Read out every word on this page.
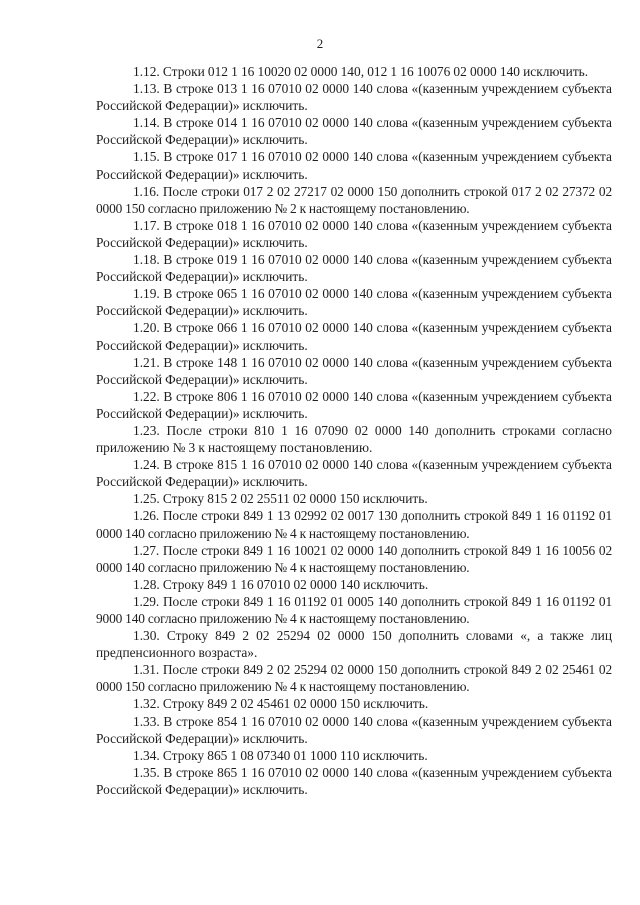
2

1.12. Строки 012 1 16 10020 02 0000 140, 012 1 16 10076 02 0000 140 исключить.

1.13. В строке 013 1 16 07010 02 0000 140 слова «(казенным учреждением субъекта Российской Федерации)» исключить.

1.14. В строке 014 1 16 07010 02 0000 140 слова «(казенным учреждением субъекта Российской Федерации)» исключить.

1.15. В строке 017 1 16 07010 02 0000 140 слова «(казенным учреждением субъекта Российской Федерации)» исключить.

1.16. После строки 017 2 02 27217 02 0000 150 дополнить строкой 017 2 02 27372 02 0000 150 согласно приложению № 2 к настоящему постановлению.

1.17. В строке 018 1 16 07010 02 0000 140 слова «(казенным учреждением субъекта Российской Федерации)» исключить.

1.18. В строке 019 1 16 07010 02 0000 140 слова «(казенным учреждением субъекта Российской Федерации)» исключить.

1.19. В строке 065 1 16 07010 02 0000 140 слова «(казенным учреждением субъекта Российской Федерации)» исключить.

1.20. В строке 066 1 16 07010 02 0000 140 слова «(казенным учреждением субъекта Российской Федерации)» исключить.

1.21. В строке 148 1 16 07010 02 0000 140 слова «(казенным учреждением субъекта Российской Федерации)» исключить.

1.22. В строке 806 1 16 07010 02 0000 140 слова «(казенным учреждением субъекта Российской Федерации)» исключить.

1.23. После строки 810 1 16 07090 02 0000 140 дополнить строками согласно приложению № 3 к настоящему постановлению.

1.24. В строке 815 1 16 07010 02 0000 140 слова «(казенным учреждением субъекта Российской Федерации)» исключить.

1.25. Строку 815 2 02 25511 02 0000 150 исключить.

1.26. После строки 849 1 13 02992 02 0017 130 дополнить строкой 849 1 16 01192 01 0000 140 согласно приложению № 4 к настоящему постановлению.

1.27. После строки 849 1 16 10021 02 0000 140 дополнить строкой 849 1 16 10056 02 0000 140 согласно приложению № 4 к настоящему постановлению.

1.28. Строку 849 1 16 07010 02 0000 140 исключить.

1.29. После строки 849 1 16 01192 01 0005 140 дополнить строкой 849 1 16 01192 01 9000 140 согласно приложению № 4 к настоящему постановлению.

1.30. Строку 849 2 02 25294 02 0000 150 дополнить словами «, а также лиц предпенсионного возраста».

1.31. После строки 849 2 02 25294 02 0000 150 дополнить строкой 849 2 02 25461 02 0000 150 согласно приложению № 4 к настоящему постановлению.

1.32. Строку 849 2 02 45461 02 0000 150 исключить.

1.33. В строке 854 1 16 07010 02 0000 140 слова «(казенным учреждением субъекта Российской Федерации)» исключить.

1.34. Строку 865 1 08 07340 01 1000 110 исключить.

1.35. В строке 865 1 16 07010 02 0000 140 слова «(казенным учреждением субъекта Российской Федерации)» исключить.
